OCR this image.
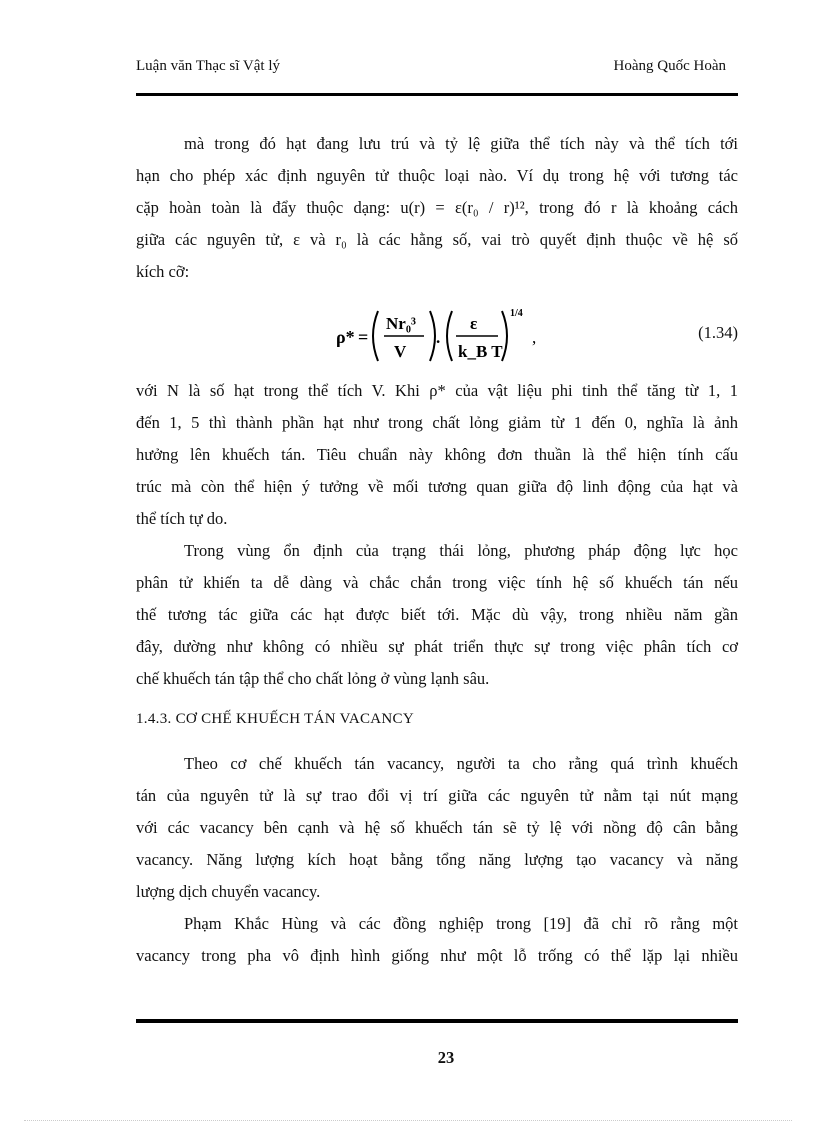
Luận văn Thạc sĩ Vật lý	Hoàng Quốc Hoàn
mà trong đó hạt đang lưu trú và tỷ lệ giữa thể tích này và thể tích tới
hạn cho phép xác định nguyên tử thuộc loại nào. Ví dụ trong hệ với tương tác
cặp hoàn toàn là đẩy thuộc dạng: u(r) = ε(r₀ / r)¹², trong đó r là khoảng cách
giữa các nguyên tử, ε và r₀ là các hằng số, vai trò quyết định thuộc về hệ số
kích cỡ:
ρ* =
Nr₀³
V
.
ε
k_B T
1/4
,	(1.34)
với N là số hạt trong thể tích V. Khi ρ* của vật liệu phi tinh thể tăng từ 1, 1
đến 1, 5 thì thành phần hạt như trong chất lỏng giảm từ 1 đến 0, nghĩa là ảnh
hưởng lên khuếch tán. Tiêu chuẩn này không đơn thuần là thể hiện tính cấu
trúc mà còn thể hiện ý tưởng về mối tương quan giữa độ linh động của hạt và
thể tích tự do.
Trong vùng ổn định của trạng thái lỏng, phương pháp động lực học
phân tử khiến ta dễ dàng và chắc chắn trong việc tính hệ số khuếch tán nếu
thế tương tác giữa các hạt được biết tới. Mặc dù vậy, trong nhiều năm gần
đây, dường như không có nhiều sự phát triển thực sự trong việc phân tích cơ
chế khuếch tán tập thể cho chất lỏng ở vùng lạnh sâu.
1.4.3. CƠ CHẾ KHUẾCH TÁN VACANCY
Theo cơ chế khuếch tán vacancy, người ta cho rằng quá trình khuếch
tán của nguyên tử là sự trao đổi vị trí giữa các nguyên tử nằm tại nút mạng
với các vacancy bên cạnh và hệ số khuếch tán sẽ tỷ lệ với nồng độ cân bằng
vacancy. Năng lượng kích hoạt bằng tổng năng lượng tạo vacancy và năng
lượng dịch chuyển vacancy.
Phạm Khắc Hùng và các đồng nghiệp trong [19] đã chỉ rõ rằng một
vacancy trong pha vô định hình giống như một lỗ trống có thể lặp lại nhiều
23
